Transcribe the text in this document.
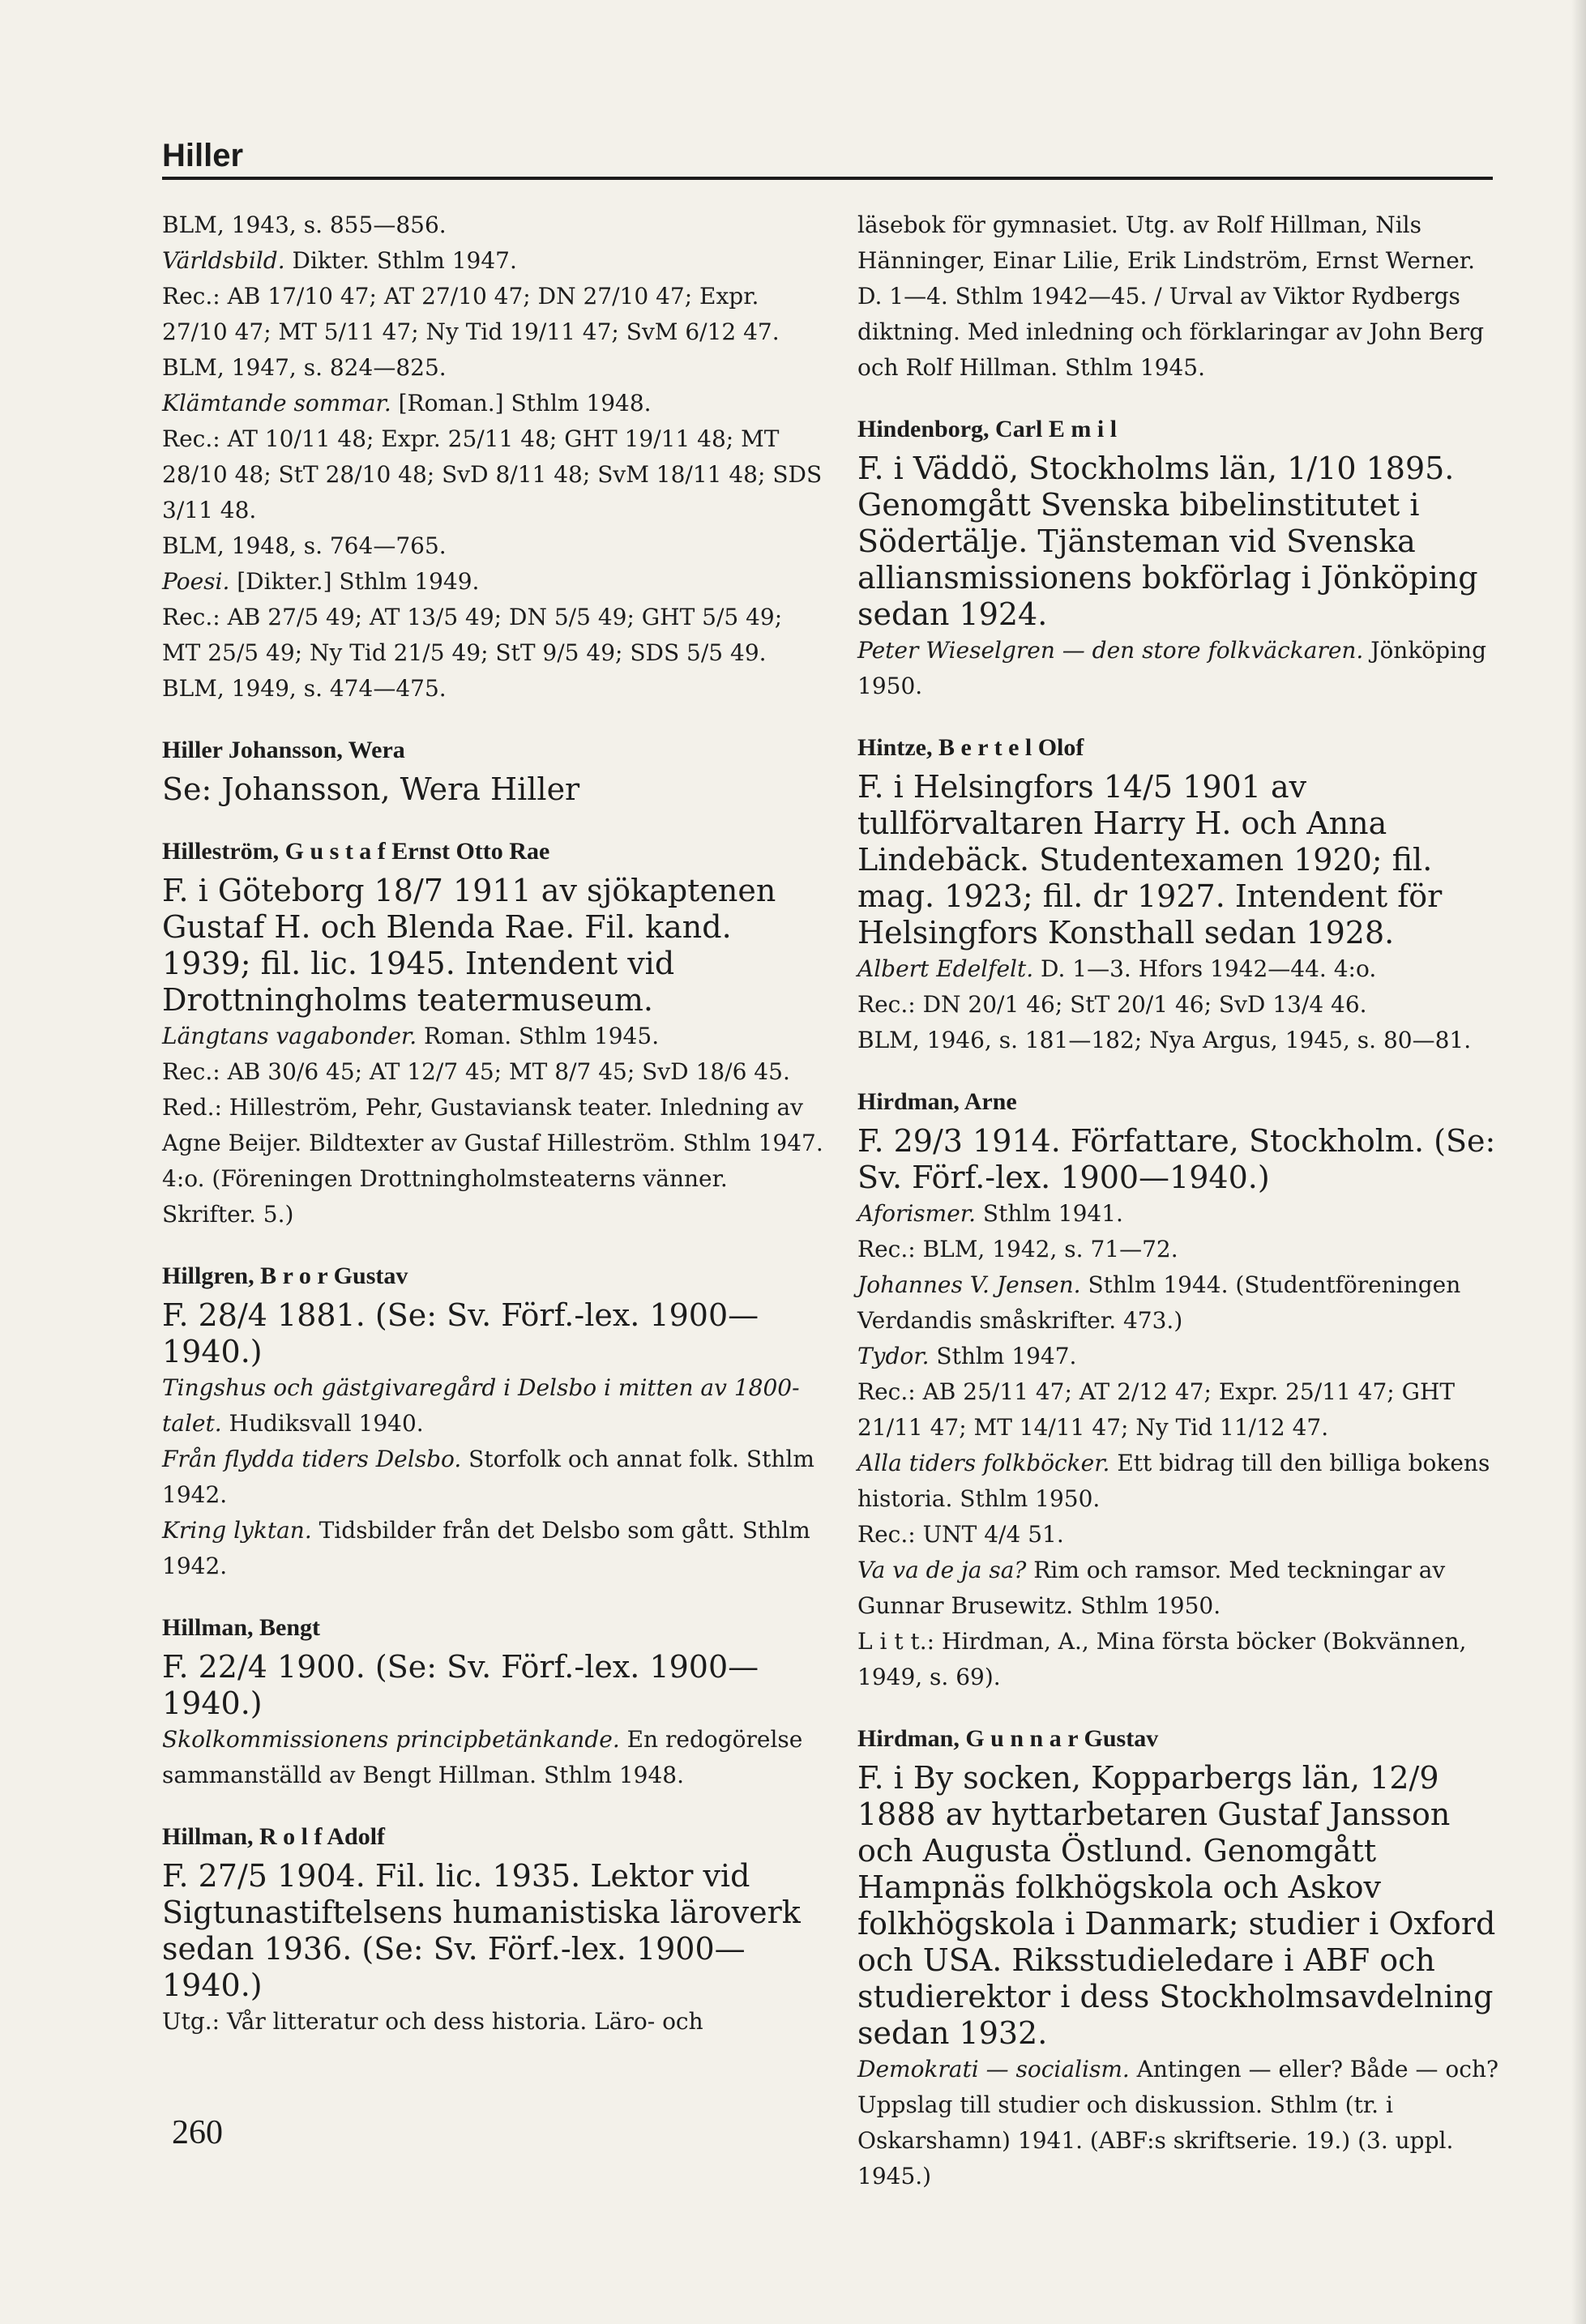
Hiller
BLM, 1943, s. 855—856.
Världsbild. Dikter. Sthlm 1947.
Rec.: AB 17/10 47; AT 27/10 47; DN 27/10 47; Expr. 27/10 47; MT 5/11 47; Ny Tid 19/11 47; SvM 6/12 47.
BLM, 1947, s. 824—825.
Klämtande sommar. [Roman.] Sthlm 1948.
Rec.: AT 10/11 48; Expr. 25/11 48; GHT 19/11 48; MT 28/10 48; StT 28/10 48; SvD 8/11 48; SvM 18/11 48; SDS 3/11 48.
BLM, 1948, s. 764—765.
Poesi. [Dikter.] Sthlm 1949.
Rec.: AB 27/5 49; AT 13/5 49; DN 5/5 49; GHT 5/5 49; MT 25/5 49; Ny Tid 21/5 49; StT 9/5 49; SDS 5/5 49.
BLM, 1949, s. 474—475.
Hiller Johansson, Wera
Se: Johansson, Wera Hiller
Hilleström, G u s t a f Ernst Otto Rae
F. i Göteborg 18/7 1911 av sjökaptenen Gustaf H. och Blenda Rae. Fil. kand. 1939; fil. lic. 1945. Intendent vid Drottningholms teatermuseum.
Längtans vagabonder. Roman. Sthlm 1945.
Rec.: AB 30/6 45; AT 12/7 45; MT 8/7 45; SvD 18/6 45.
Red.: Hilleström, Pehr, Gustaviansk teater. Inledning av Agne Beijer. Bildtexter av Gustaf Hilleström. Sthlm 1947. 4:o. (Föreningen Drottningholmsteaterns vänner. Skrifter. 5.)
Hillgren, B r o r Gustav
F. 28/4 1881. (Se: Sv. Förf.-lex. 1900—1940.)
Tingshus och gästgivaregård i Delsbo i mitten av 1800-talet. Hudiksvall 1940.
Från flydda tiders Delsbo. Storfolk och annat folk. Sthlm 1942.
Kring lyktan. Tidsbilder från det Delsbo som gått. Sthlm 1942.
Hillman, Bengt
F. 22/4 1900. (Se: Sv. Förf.-lex. 1900—1940.)
Skolkommissionens principbetänkande. En redogörelse sammanställd av Bengt Hillman. Sthlm 1948.
Hillman, R o l f Adolf
F. 27/5 1904. Fil. lic. 1935. Lektor vid Sigtunastiftelsens humanistiska läroverk sedan 1936. (Se: Sv. Förf.-lex. 1900—1940.)
Utg.: Vår litteratur och dess historia. Läro- och
läsebok för gymnasiet. Utg. av Rolf Hillman, Nils Hänninger, Einar Lilie, Erik Lindström, Ernst Werner. D. 1—4. Sthlm 1942—45. / Urval av Viktor Rydbergs diktning. Med inledning och förklaringar av John Berg och Rolf Hillman. Sthlm 1945.
Hindenborg, Carl E m i l
F. i Väddö, Stockholms län, 1/10 1895. Genomgått Svenska bibelinstitutet i Södertälje. Tjänsteman vid Svenska alliansmissionens bokförlag i Jönköping sedan 1924.
Peter Wieselgren — den store folkväckaren. Jönköping 1950.
Hintze, B e r t e l Olof
F. i Helsingfors 14/5 1901 av tullförvaltaren Harry H. och Anna Lindebäck. Studentexamen 1920; fil. mag. 1923; fil. dr 1927. Intendent för Helsingfors Konsthall sedan 1928.
Albert Edelfelt. D. 1—3. Hfors 1942—44. 4:o.
Rec.: DN 20/1 46; StT 20/1 46; SvD 13/4 46.
BLM, 1946, s. 181—182; Nya Argus, 1945, s. 80—81.
Hirdman, Arne
F. 29/3 1914. Författare, Stockholm. (Se: Sv. Förf.-lex. 1900—1940.)
Aforismer. Sthlm 1941.
Rec.: BLM, 1942, s. 71—72.
Johannes V. Jensen. Sthlm 1944. (Studentföreningen Verdandis småskrifter. 473.)
Tydor. Sthlm 1947.
Rec.: AB 25/11 47; AT 2/12 47; Expr. 25/11 47; GHT 21/11 47; MT 14/11 47; Ny Tid 11/12 47.
Alla tiders folkböcker. Ett bidrag till den billiga bokens historia. Sthlm 1950.
Rec.: UNT 4/4 51.
Va va de ja sa? Rim och ramsor. Med teckningar av Gunnar Brusewitz. Sthlm 1950.
L i t t.: Hirdman, A., Mina första böcker (Bokvännen, 1949, s. 69).
Hirdman, G u n n a r Gustav
F. i By socken, Kopparbergs län, 12/9 1888 av hyttarbetaren Gustaf Jansson och Augusta Östlund. Genomgått Hampnäs folkhögskola och Askov folkhögskola i Danmark; studier i Oxford och USA. Riksstudieledare i ABF och studierektor i dess Stockholmsavdelning sedan 1932.
Demokrati — socialism. Antingen — eller? Både — och? Uppslag till studier och diskussion. Sthlm (tr. i Oskarshamn) 1941. (ABF:s skriftserie. 19.) (3. uppl. 1945.)
260
